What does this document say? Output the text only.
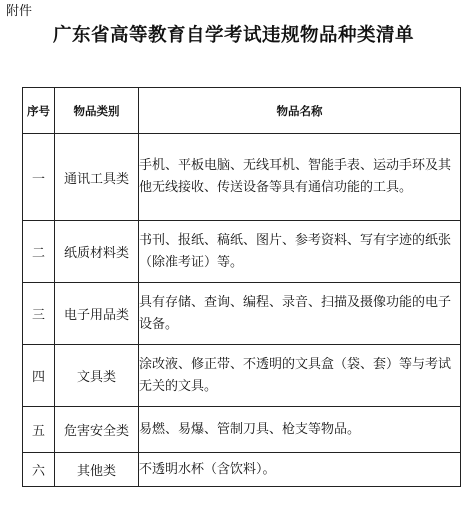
附件
广东省高等教育自学考试违规物品种类清单
序号	物品类别	物品名称
一	通讯工具类	手机、平板电脑、无线耳机、智能手表、运动手环及其他无线接收、传送设备等具有通信功能的工具。
二	纸质材料类	书刊、报纸、稿纸、图片、参考资料、写有字迹的纸张（除准考证）等。
三	电子用品类	具有存储、查询、编程、录音、扫描及摄像功能的电子设备。
四	文具类	涂改液、修正带、不透明的文具盒（袋、套）等与考试无关的文具。
五	危害安全类	易燃、易爆、管制刀具、枪支等物品。
六	其他类	不透明水杯（含饮料）。
